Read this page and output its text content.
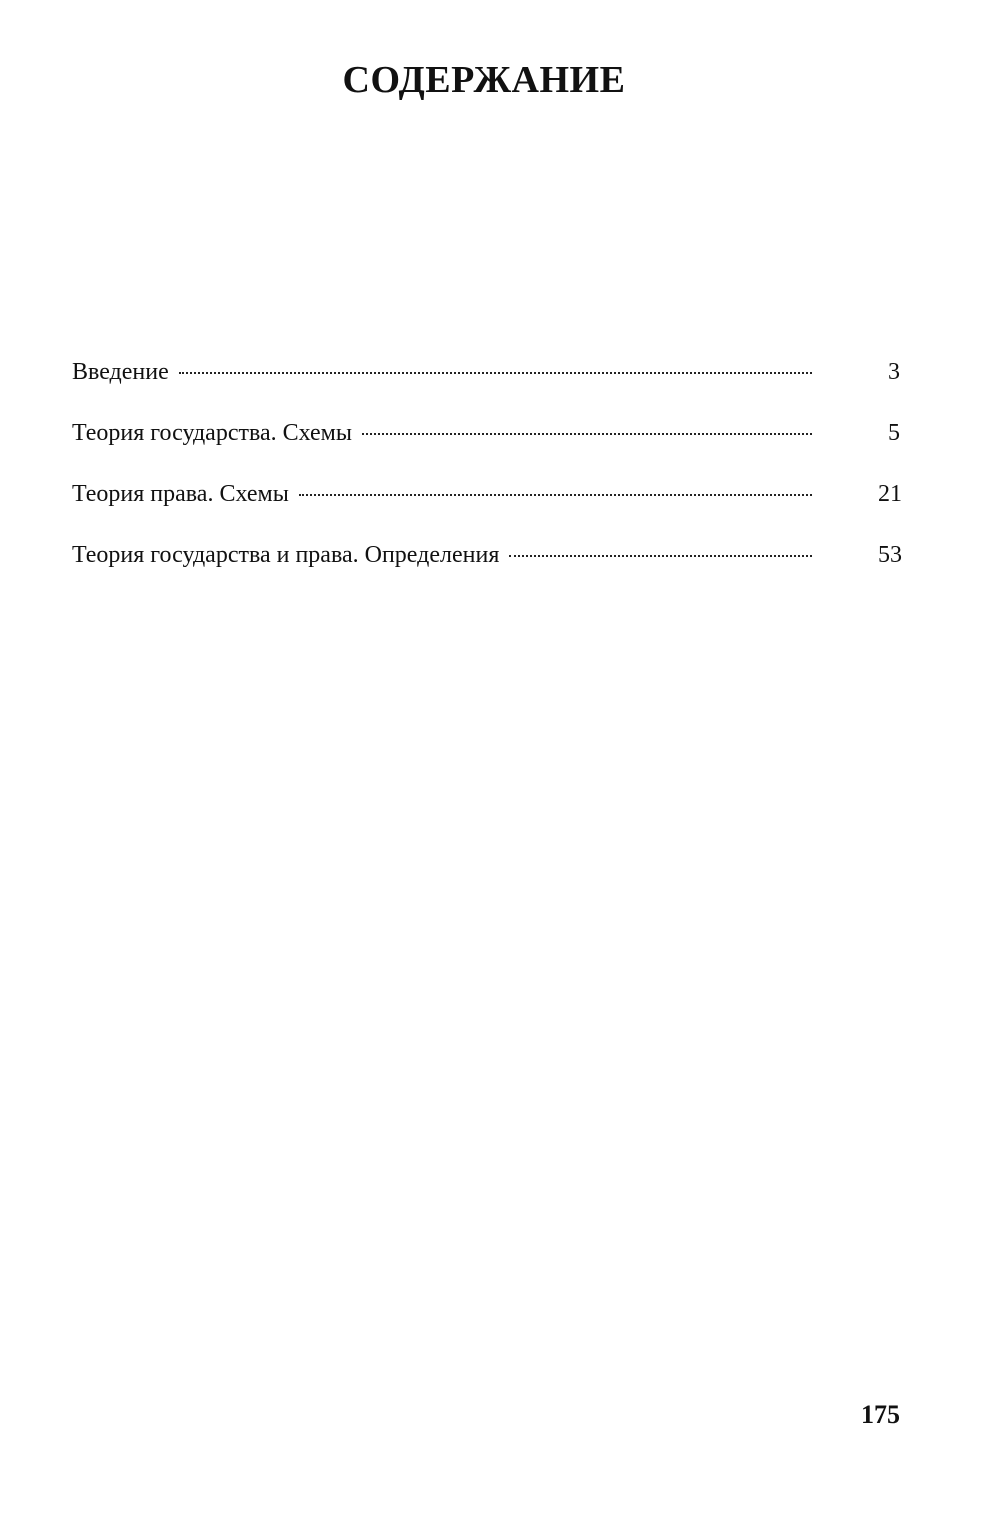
СОДЕРЖАНИЕ
Введение	3
Теория государства. Схемы	5
Теория права. Схемы	21
Теория государства и права. Определения	53
175
